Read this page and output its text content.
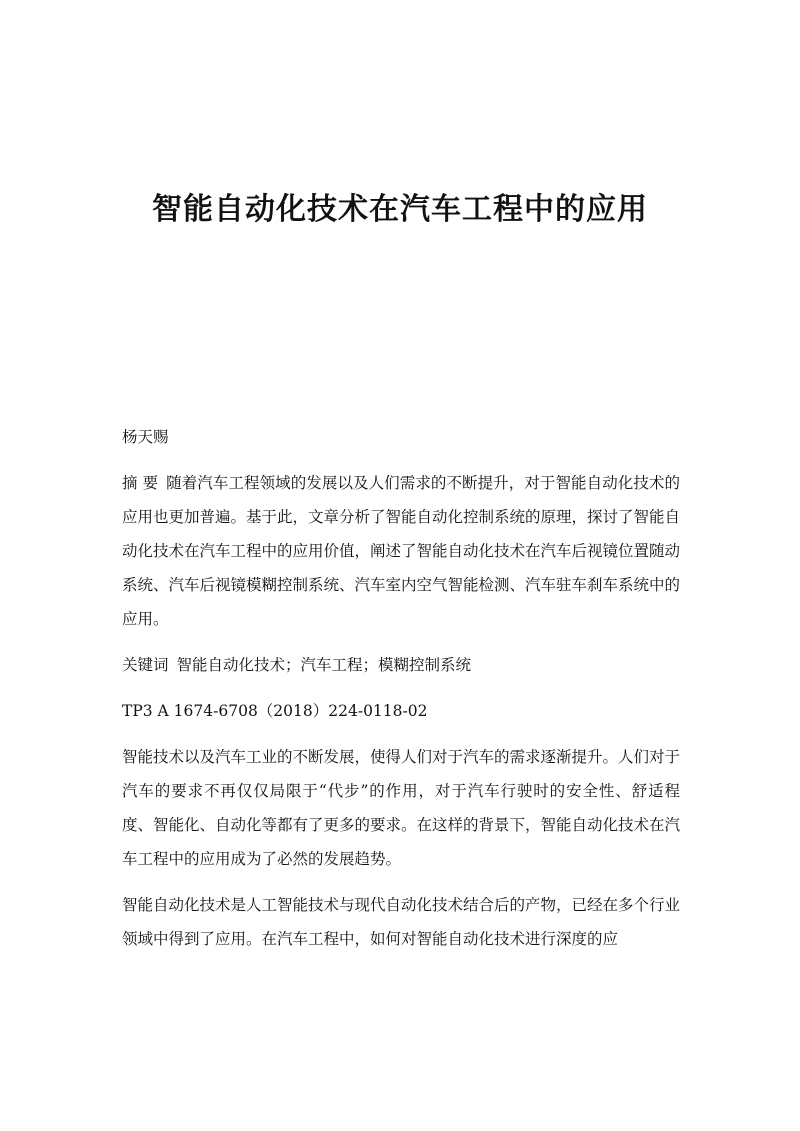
智能自动化技术在汽车工程中的应用

杨天赐

摘 要 随着汽车工程领域的发展以及人们需求的不断提升，对于智能自动化技术的应用也更加普遍。基于此，文章分析了智能自动化控制系统的原理，探讨了智能自动化技术在汽车工程中的应用价值，阐述了智能自动化技术在汽车后视镜位置随动系统、汽车后视镜模糊控制系统、汽车室内空气智能检测、汽车驻车刹车系统中的应用。

关键词 智能自动化技术；汽车工程；模糊控制系统

TP3 A 1674-6708（2018）224-0118-02

智能技术以及汽车工业的不断发展，使得人们对于汽车的需求逐渐提升。人们对于汽车的要求不再仅仅局限于“代步”的作用，对于汽车行驶时的安全性、舒适程度、智能化、自动化等都有了更多的要求。在这样的背景下，智能自动化技术在汽车工程中的应用成为了必然的发展趋势。

智能自动化技术是人工智能技术与现代自动化技术结合后的产物，已经在多个行业领域中得到了应用。在汽车工程中，如何对智能自动化技术进行深度的应
